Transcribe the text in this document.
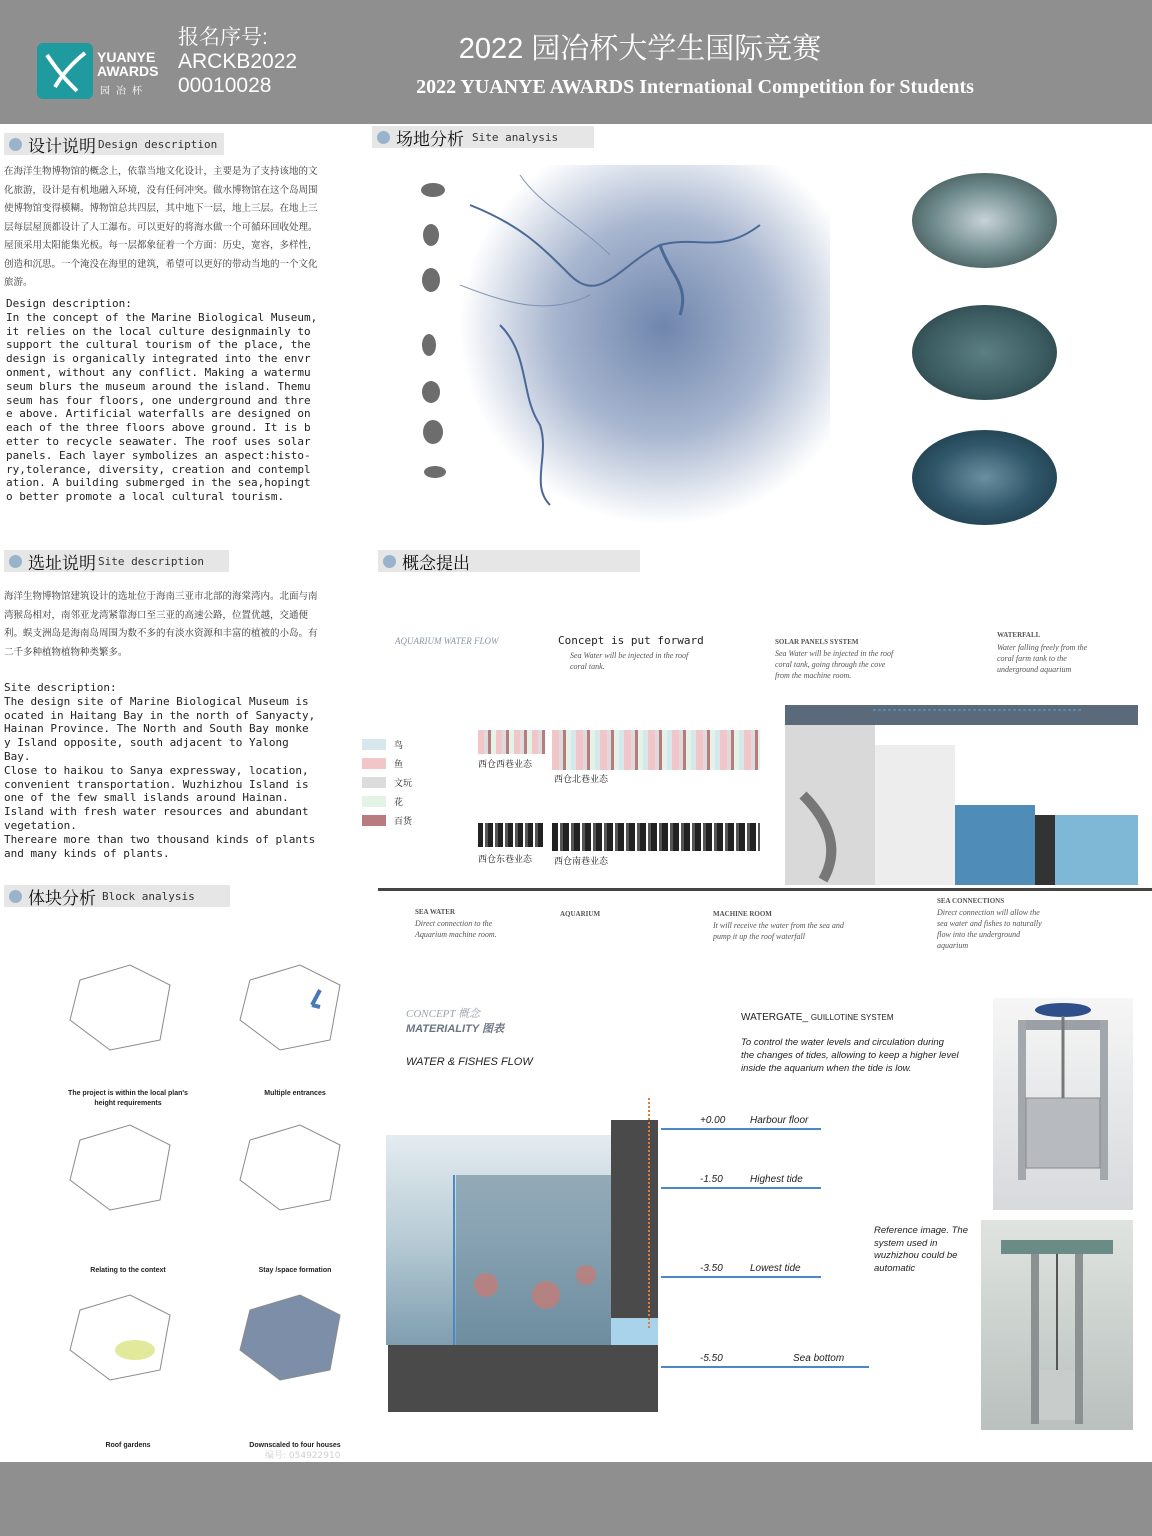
YUANYE AWARDS
园冶杯
报名序号:
ARCKB2022
00010028
2022 园冶杯大学生国际竞赛
2022 YUANYE AWARDS International Competition for Students
设计说明 Design description
在海洋生物博物馆的概念上，依靠当地文化设计，主要是为了支持该地的文化旅游，设计是有机地融入环境，没有任何冲突。做水博物馆在这个岛周围使博物馆变得模糊。博物馆总共四层，其中地下一层，地上三层。在地上三层每层屋顶都设计了人工瀑布。可以更好的将海水做一个可循环回收处理。屋顶采用太阳能集光板。每一层都象征着一个方面：历史，宽容，多样性，创造和沉思。一个淹没在海里的建筑，希望可以更好的带动当地的一个文化旅游。
Design description:
In the concept of the Marine Biological Museum,
it relies on the local culture designmainly to
support the cultural tourism of the place, the
design is organically integrated into the envr
onment, without any conflict. Making a watermu
seum blurs the museum around the island. Themu
seum has four floors, one underground and thre
e above. Artificial waterfalls are designed on
each of the three floors above ground. It is b
etter to recycle seawater. The roof uses solar
panels. Each layer symbolizes an aspect:histo-
ry,tolerance, diversity, creation and contempl
ation. A building submerged in the sea,hopingt
o better promote a local cultural tourism.
场地分析 Site analysis
选址说明 Site description
海洋生物博物馆建筑设计的选址位于海南三亚市北部的海棠湾内。北面与南湾猴岛相对，南邻亚龙湾紧靠海口至三亚的高速公路，位置优越，交通便利。蜈支洲岛是海南岛周围为数不多的有淡水资源和丰富的植被的小岛。有二千多种植物植物种类繁多。
Site description:
The design site of Marine Biological Museum is
ocated in Haitang Bay in the north of Sanyacty,
Hainan Province. The North and South Bay monke
y Island opposite, south adjacent to Yalong
Bay.
Close to haikou to Sanya expressway, location,
convenient transportation. Wuzhizhou Island is
one of the few small islands around Hainan.
Island with fresh water resources and abundant
vegetation.
Thereare more than two thousand kinds of plants
and many kinds of plants.
概念提出
AQUARIUM WATER FLOW	Concept is put forward
Sea Water will be injected in the roof coral tank.
SOLAR PANELS SYSTEM
Sea Water will be injected in the roof coral tank, going through the cove from the machine room.
WATERFALL
Water falling freely from the coral farm tank to the underground aquarium
鸟
鱼
文玩
花
百货
西仓西巷业态
西仓北巷业态
西仓东巷业态 西仓南巷业态
SEA WATER
Direct connection to the Aquarium machine room.
AQUARIUM	MACHINE ROOM
It will receive the water from the sea and pump it up the roof waterfall
SEA CONNECTIONS
Direct connection will allow the sea water and fishes to naturally flow into the underground aquarium
体块分析 Block analysis
The project is within the local plan's height requirements
Multiple entrances
Relating to the context	Stay /space formation
Roof gardens	Downscaled to four houses
编号: 054922910
CONCEPT 概念
MATERIALITY 图表
WATER & FISHES FLOW
WATERGATE_ GUILLOTINE SYSTEM
To control the water levels and circulation during the changes of tides, allowing to keep a higher level inside the aquarium when the tide is low.
+0.00 Harbour floor
-1.50	Highest tide
-3.50	Lowest tide
-5.50	Sea bottom
Reference image. The system used in wuzhizhou could be automatic
